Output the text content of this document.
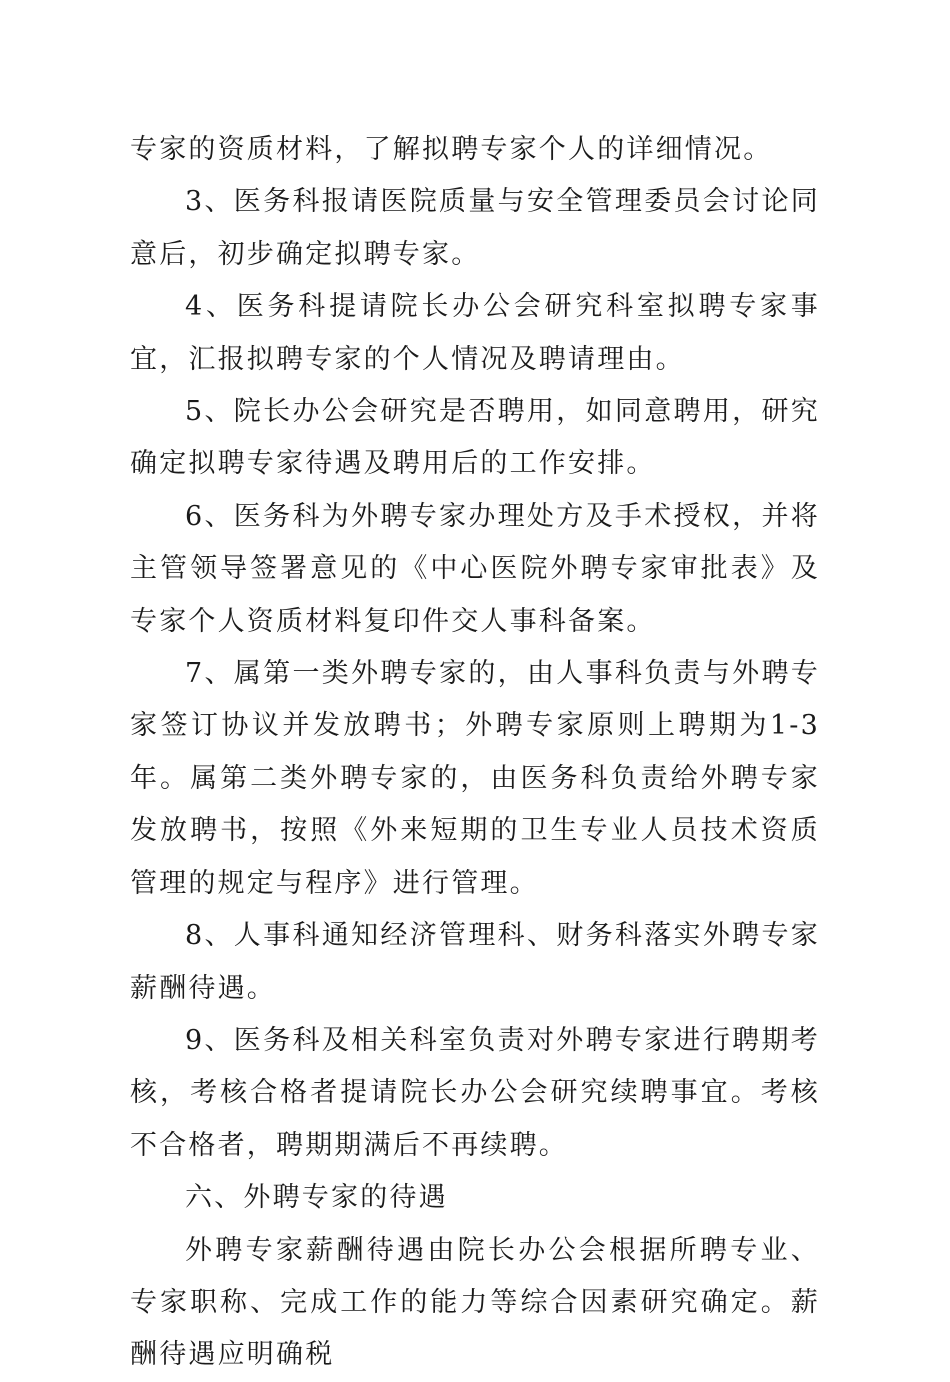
专家的资质材料，了解拟聘专家个人的详细情况。

3、医务科报请医院质量与安全管理委员会讨论同意后，初步确定拟聘专家。

4、医务科提请院长办公会研究科室拟聘专家事宜，汇报拟聘专家的个人情况及聘请理由。

5、院长办公会研究是否聘用，如同意聘用，研究确定拟聘专家待遇及聘用后的工作安排。

6、医务科为外聘专家办理处方及手术授权，并将主管领导签署意见的《中心医院外聘专家审批表》及专家个人资质材料复印件交人事科备案。

7、属第一类外聘专家的，由人事科负责与外聘专家签订协议并发放聘书；外聘专家原则上聘期为1-3年。属第二类外聘专家的，由医务科负责给外聘专家发放聘书，按照《外来短期的卫生专业人员技术资质管理的规定与程序》进行管理。

8、人事科通知经济管理科、财务科落实外聘专家薪酬待遇。

9、医务科及相关科室负责对外聘专家进行聘期考核，考核合格者提请院长办公会研究续聘事宜。考核不合格者，聘期期满后不再续聘。

六、外聘专家的待遇

外聘专家薪酬待遇由院长办公会根据所聘专业、专家职称、完成工作的能力等综合因素研究确定。薪酬待遇应明确税
